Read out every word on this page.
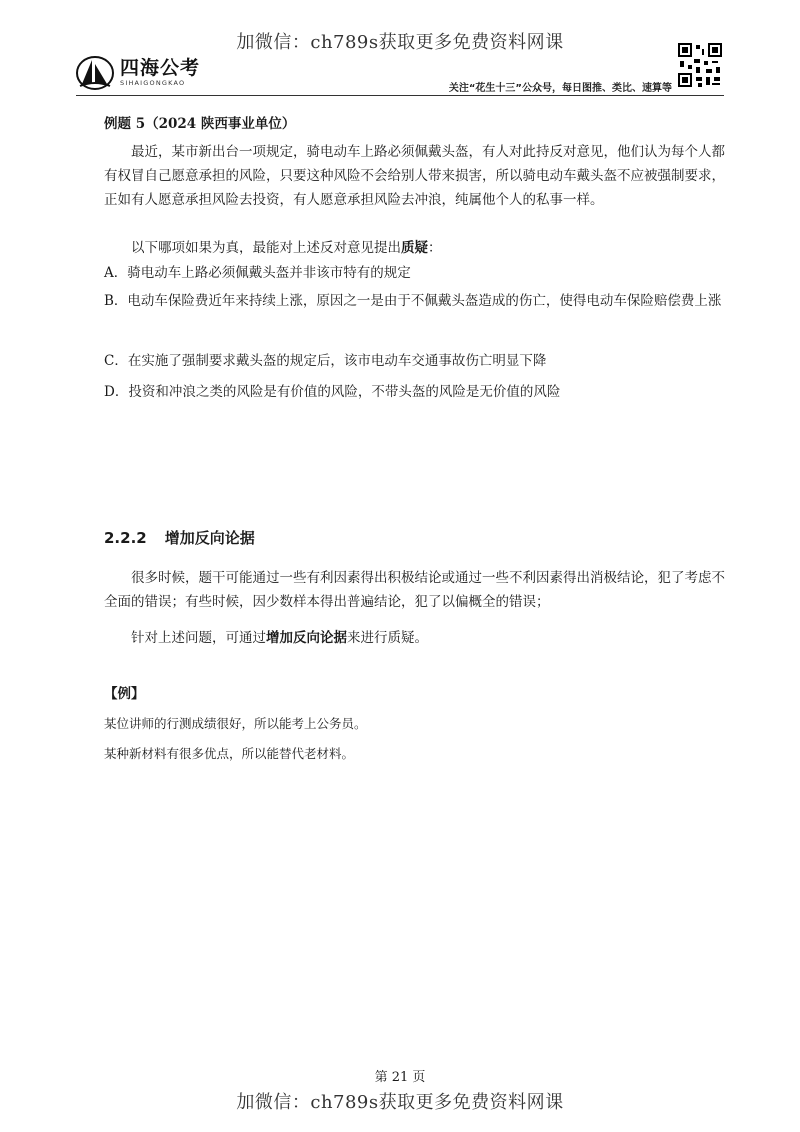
加微信：ch789s获取更多免费资料网课
四海公考
SIHAIGONGKAO	关注“花生十三”公众号，每日图推、类比、速算等
例题 5（2024 陕西事业单位）
最近，某市新出台一项规定，骑电动车上路必须佩戴头盔，有人对此持反对意见，他们认为每个人都有权冒自己愿意承担的风险，只要这种风险不会给别人带来损害，所以骑电动车戴头盔不应被强制要求，正如有人愿意承担风险去投资，有人愿意承担风险去冲浪，纯属他个人的私事一样。
以下哪项如果为真，最能对上述反对意见提出质疑：
A．骑电动车上路必须佩戴头盔并非该市特有的规定
B．电动车保险费近年来持续上涨，原因之一是由于不佩戴头盔造成的伤亡，使得电动车保险赔偿费上涨
C．在实施了强制要求戴头盔的规定后，该市电动车交通事故伤亡明显下降
D．投资和冲浪之类的风险是有价值的风险，不带头盔的风险是无价值的风险
2.2.2 增加反向论据
很多时候，题干可能通过一些有利因素得出积极结论或通过一些不利因素得出消极结论，犯了考虑不全面的错误；有些时候，因少数样本得出普遍结论，犯了以偏概全的错误；
针对上述问题，可通过增加反向论据来进行质疑。
【例】
某位讲师的行测成绩很好，所以能考上公务员。
某种新材料有很多优点，所以能替代老材料。
第 21 页
加微信：ch789s获取更多免费资料网课
